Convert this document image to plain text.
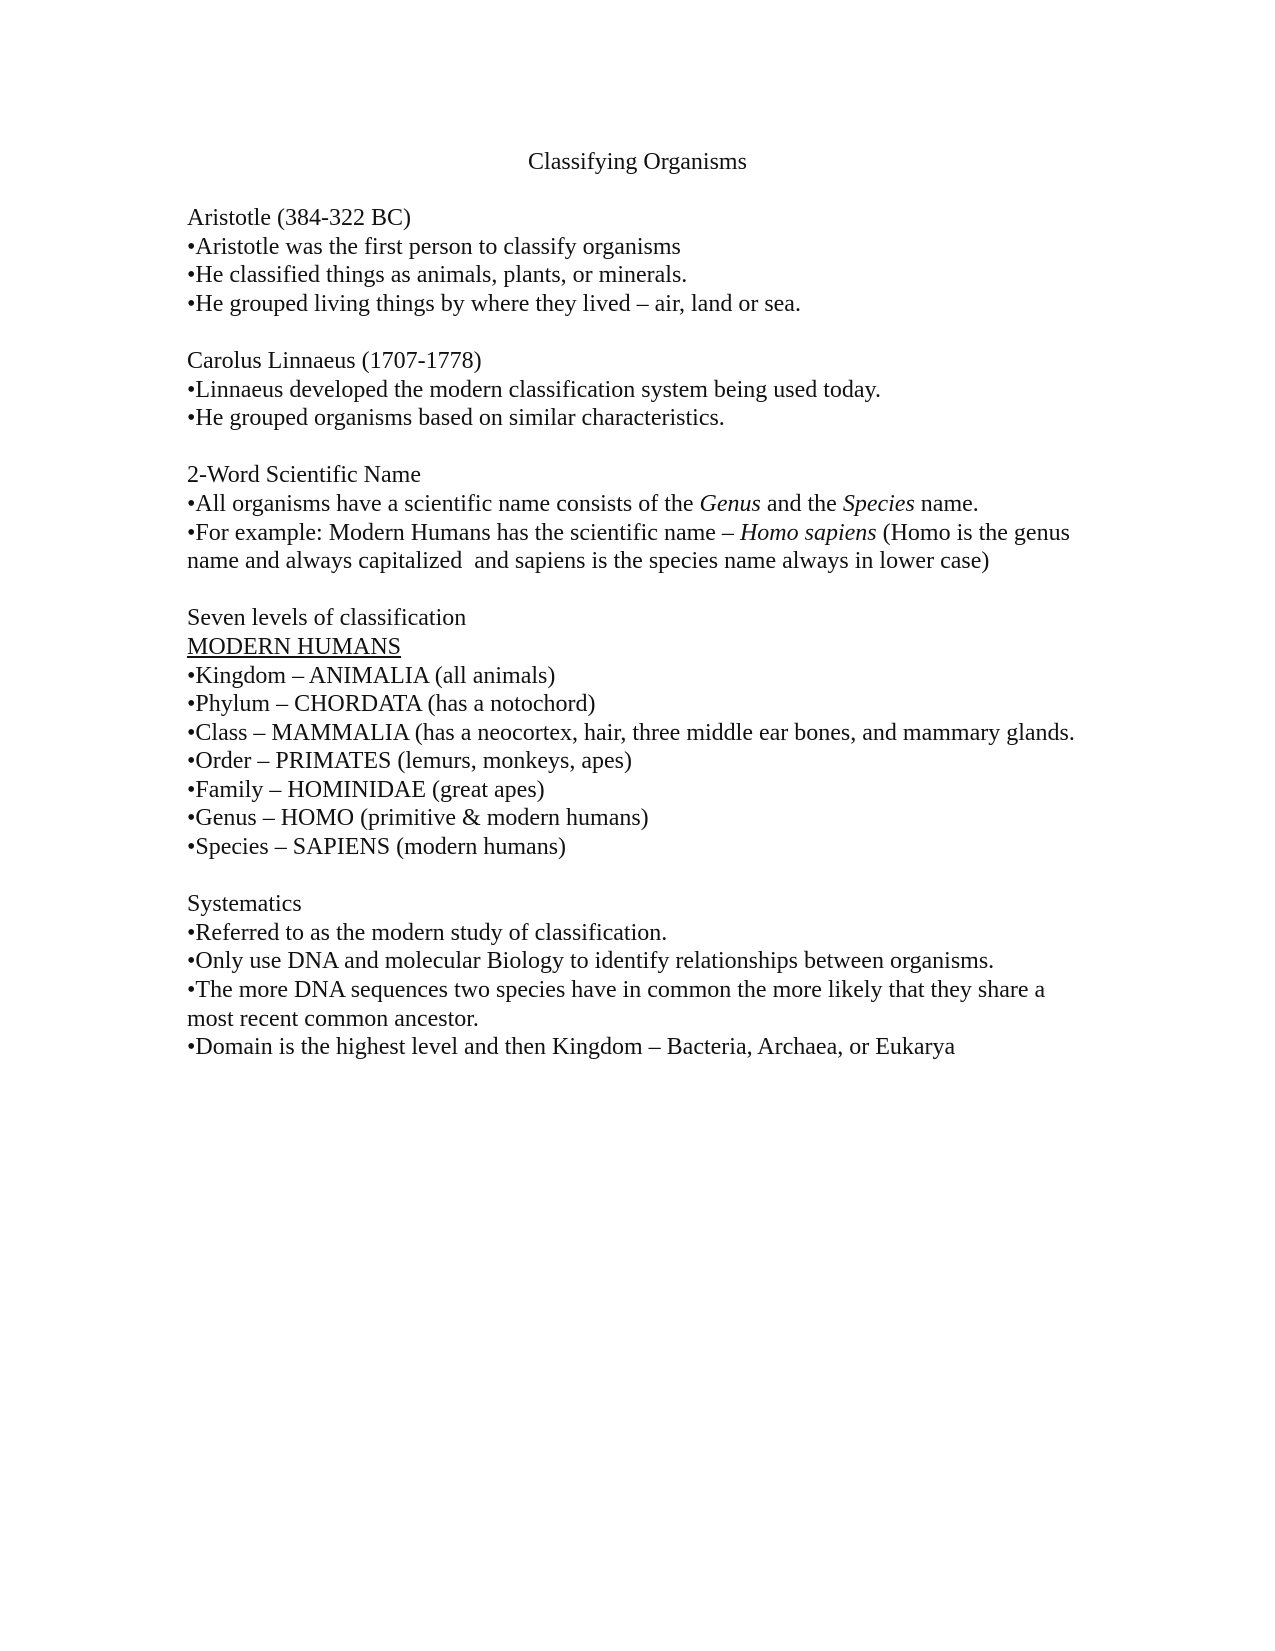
Classifying Organisms
Aristotle (384-322 BC)
•Aristotle was the first person to classify organisms
•He classified things as animals, plants, or minerals.
•He grouped living things by where they lived – air, land or sea.
Carolus Linnaeus (1707-1778)
•Linnaeus developed the modern classification system being used today.
•He grouped organisms based on similar characteristics.
2-Word Scientific Name
•All organisms have a scientific name consists of the Genus and the Species name.
•For example: Modern Humans has the scientific name – Homo sapiens (Homo is the genus name and always capitalized  and sapiens is the species name always in lower case)
Seven levels of classification
MODERN HUMANS
•Kingdom – ANIMALIA (all animals)
•Phylum – CHORDATA (has a notochord)
•Class – MAMMALIA (has a neocortex, hair, three middle ear bones, and mammary glands.
•Order – PRIMATES (lemurs, monkeys, apes)
•Family – HOMINIDAE (great apes)
•Genus – HOMO (primitive & modern humans)
•Species – SAPIENS (modern humans)
Systematics
•Referred to as the modern study of classification.
•Only use DNA and molecular Biology to identify relationships between organisms.
•The more DNA sequences two species have in common the more likely that they share a most recent common ancestor.
•Domain is the highest level and then Kingdom – Bacteria, Archaea, or Eukarya
